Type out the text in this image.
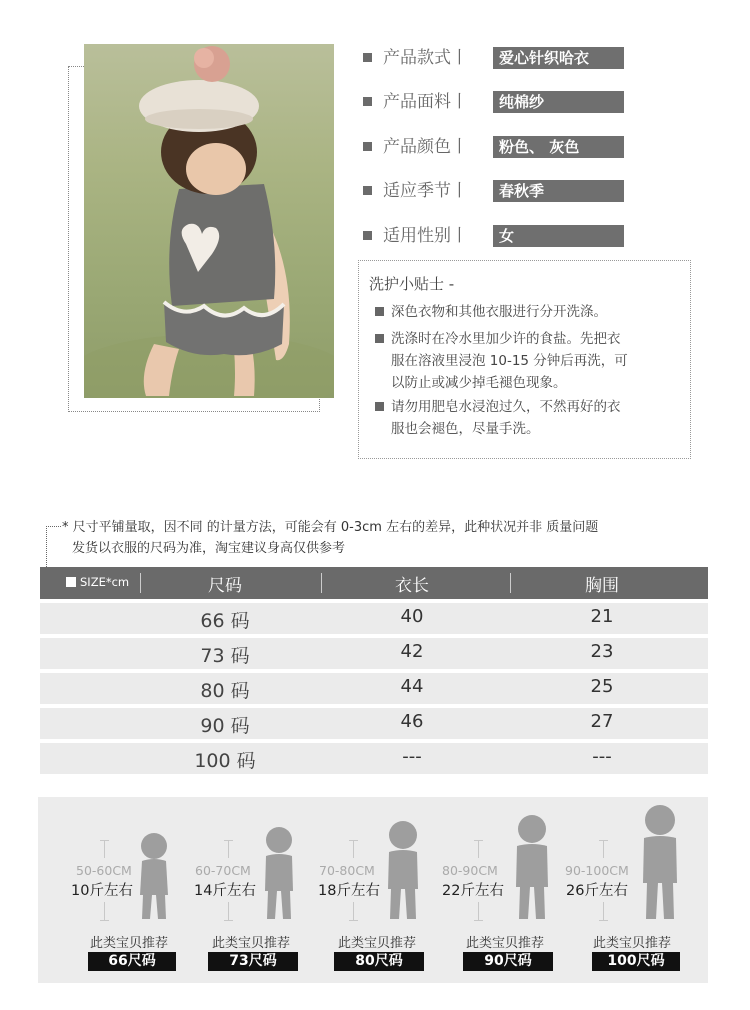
产品款式丨	爱心针织哈衣
产品面料丨	纯棉纱
产品颜色丨	粉色、 灰色
适应季节丨	春秋季
适用性别丨	女
洗护小贴士 -
深色衣物和其他衣服进行分开洗涤。
洗涤时在冷水里加少许的食盐。先把衣
服在溶液里浸泡 10-15 分钟后再洗，可
以防止或减少掉毛褪色现象。
请勿用肥皂水浸泡过久，不然再好的衣
服也会褪色，尽量手洗。
* 尺寸平铺量取，因不同 的计量方法，可能会有 0-3cm 左右的差异，此种状况并非 质量问题
发货以衣服的尺码为准，淘宝建议身高仅供参考
SIZE*cm	尺码	衣长	胸围
66 码	40	21
73 码	42	23
80 码	44	25
90 码	46	27
100 码	---	---
50-60CM
10斤左右
此类宝贝推荐
66尺码
60-70CM
14斤左右
此类宝贝推荐
73尺码
70-80CM
18斤左右
此类宝贝推荐
80尺码
80-90CM
22斤左右
此类宝贝推荐
90尺码
90-100CM
26斤左右
此类宝贝推荐
100尺码
